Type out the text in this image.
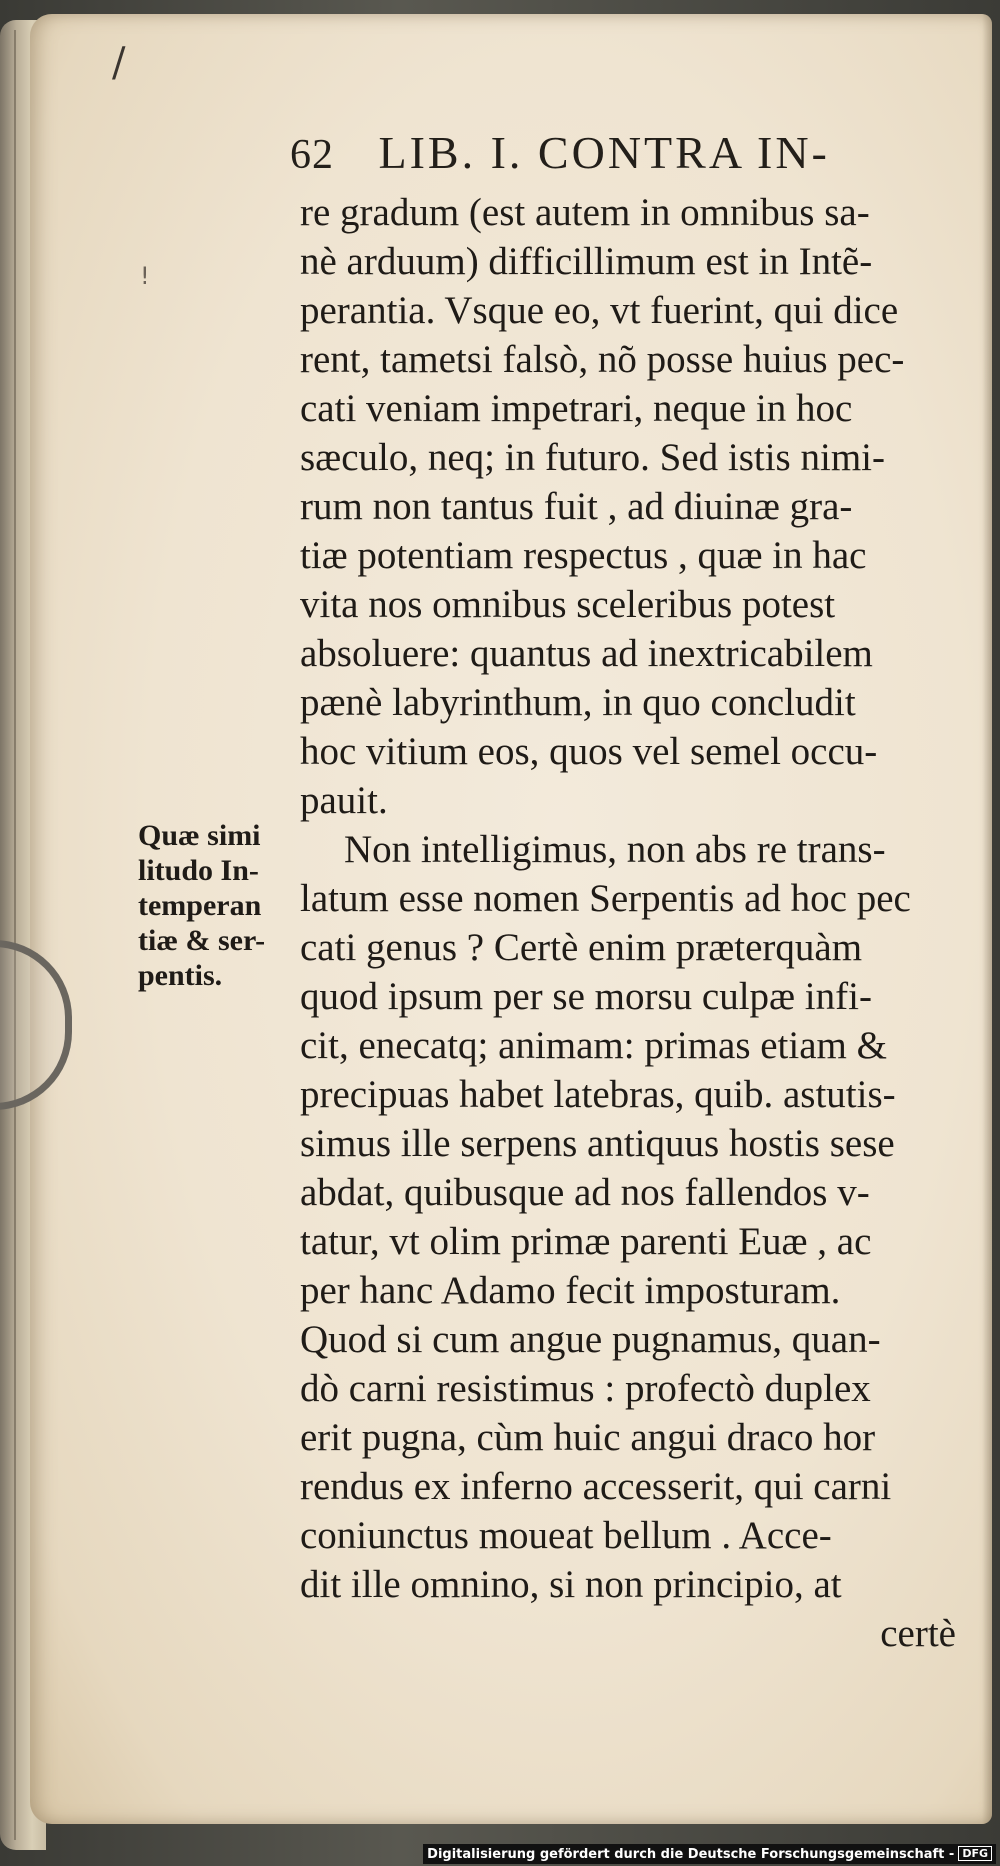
/
!
62 LIB. I. CONTRA IN-
re gradum (est autem in omnibus sa-
nè arduum) difficillimum est in Intẽ-
perantia. Vsque eo, vt fuerint, qui dice
rent, tametsi falsò, nõ posse huius pec-
cati veniam impetrari, neque in hoc
sæculo, neq; in futuro. Sed istis nimi-
rum non tantus fuit , ad diuinæ gra-
tiæ potentiam respectus , quæ in hac
vita nos omnibus sceleribus potest
absoluere: quantus ad inextricabilem
pænè labyrinthum, in quo concludit
hoc vitium eos, quos vel semel occu-
pauit.
Non intelligimus, non abs re trans-
latum esse nomen Serpentis ad hoc pec
cati genus ? Certè enim præterquàm
quod ipsum per se morsu culpæ infi-
cit, enecatq; animam: primas etiam &
precipuas habet latebras, quib. astutis-
simus ille serpens antiquus hostis sese
abdat, quibusque ad nos fallendos v-
tatur, vt olim primæ parenti Euæ , ac
per hanc Adamo fecit imposturam.
Quod si cum angue pugnamus, quan-
dò carni resistimus : profectò duplex
erit pugna, cùm huic angui draco hor
rendus ex inferno accesserit, qui carni
coniunctus moueat bellum . Acce-
dit ille omnino, si non principio, at
certè
Quæ simi
litudo In-
temperan
tiæ & ser-
pentis.
Digitalisierung gefördert durch die Deutsche Forschungsgemeinschaft - DFG
